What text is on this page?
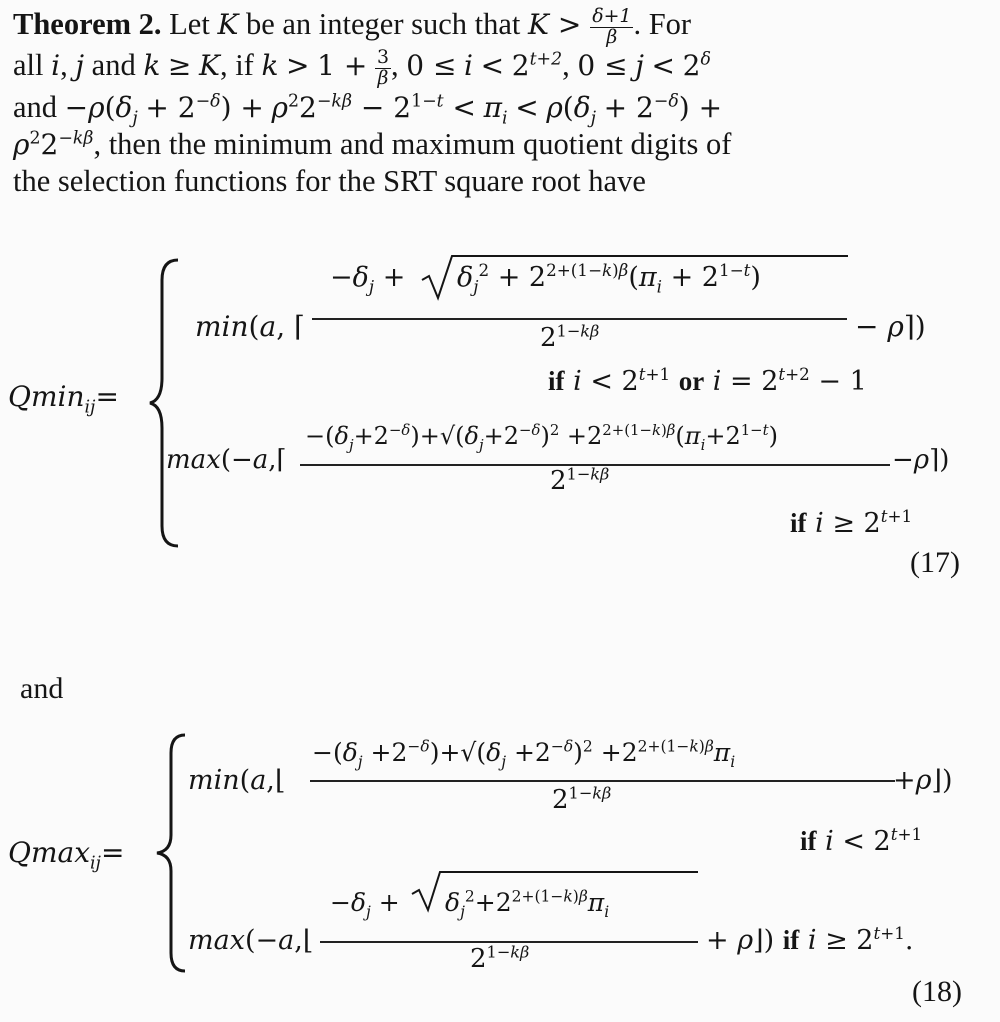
Theorem 2. Let K be an integer such that $K > \frac{\delta+1}{\beta}$ . For
all i, j and k ≥ K, if $k > 1 + \frac{3}{\beta}$ , $0 \le i < 2^{t+2}$, $0 \le j < 2^\delta$
and $-\rho(\delta_j + 2^{-\delta}) + \rho^22^{-k\beta} - 2^{1-t} < \pi_i < \rho(\delta_j + 2^{-\delta})$ +
$\rho^22^{-k\beta}$, then the minimum and maximum quotient digits of
the selection functions for the SRT square root have
Qmin$_{ij}$=
min(a, ⌈
$-\delta_j + \delta_j^2 + 2^{2+(1-k)\beta}(\pi_i + 2^{1-t})$
$2^{1-k\beta}$	− ρ⌉)
if $i < 2^{t+1}$ or $i = 2^{t+2} - 1$
max(−a,⌈
$-(\delta_j+2^{-\delta})+√(\delta_j+2^{-\delta})^2 +2^{2+(1-k)\beta}(\pi_i+2^{1-t})$
$2^{1-k\beta}$	−ρ⌉)
if $i \ge 2^{t+1}$
(17)
and
Qmax$_{ij}$=
min(a,⌊
$-(\delta_j +2^{-\delta})+√(\delta_j +2^{-\delta})^2 +2^{2+(1-k)\beta}\pi_i$
$2^{1-k\beta}$	+ρ⌋)
if $i < 2^{t+1}$
max(−a,⌊
$-\delta_j + \delta_j^2+2^{2+(1-k)\beta}\pi_i$
$2^{1-k\beta}$	+ ρ⌋) if $i \ge 2^{t+1}$.
(18)
